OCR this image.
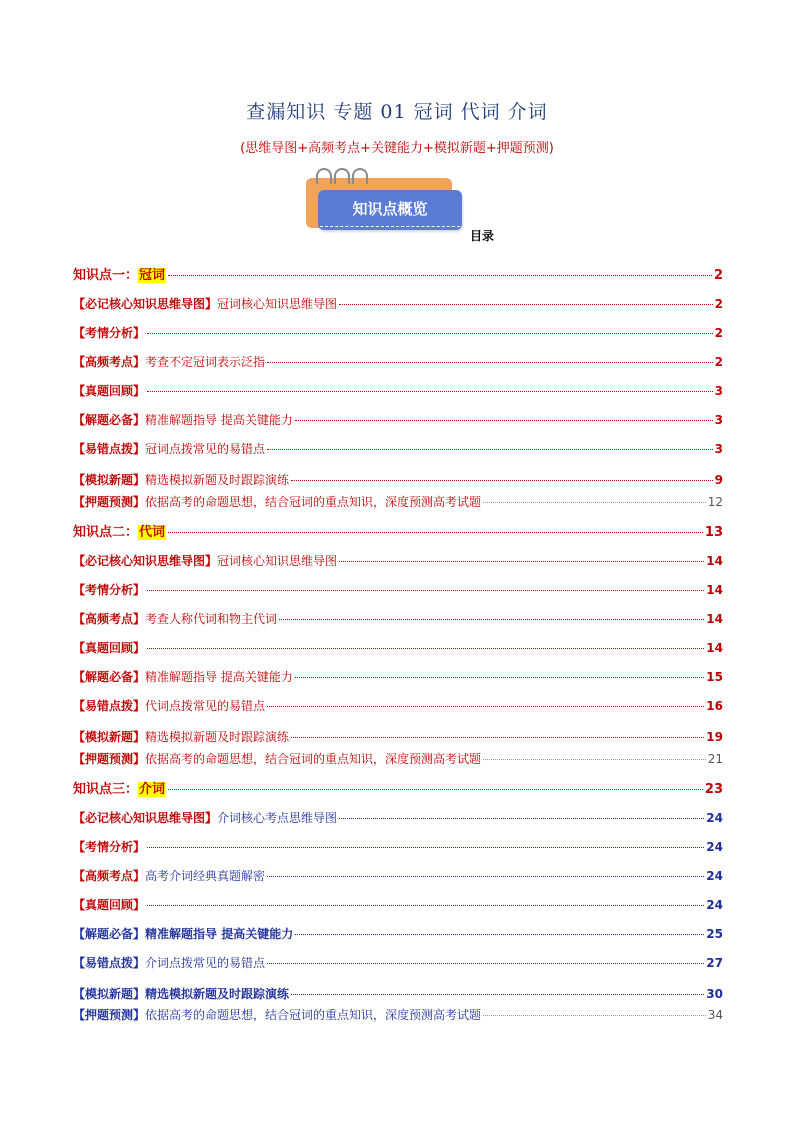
查漏知识 专题 01 冠词 代词 介词
(思维导图+高频考点+关键能力+模拟新题+押题预测)
知识点概览
目录
知识点一：冠词	2
【必记核心知识思维导图】冠词核心知识思维导图	2
【考情分析】	2
【高频考点】考查不定冠词表示泛指	2
【真题回顾】	3
【解题必备】精准解题指导 提高关键能力	3
【易错点拨】冠词点拨常见的易错点	3
【模拟新题】精选模拟新题及时跟踪演练	9
【押题预测】依据高考的命题思想，结合冠词的重点知识，深度预测高考试题	12
知识点二：代词	13
【必记核心知识思维导图】冠词核心知识思维导图	14
【考情分析】	14
【高频考点】考查人称代词和物主代词	14
【真题回顾】	14
【解题必备】精准解题指导 提高关键能力	15
【易错点拨】代词点拨常见的易错点	16
【模拟新题】精选模拟新题及时跟踪演练	19
【押题预测】依据高考的命题思想，结合冠词的重点知识，深度预测高考试题	21
知识点三：介词	23
【必记核心知识思维导图】介词核心考点思维导图	24
【考情分析】	24
【高频考点】高考介词经典真题解密	24
【真题回顾】	24
【解题必备】精准解题指导 提高关键能力	25
【易错点拨】介词点拨常见的易错点	27
【模拟新题】精选模拟新题及时跟踪演练	30
【押题预测】依据高考的命题思想，结合冠词的重点知识，深度预测高考试题	34
